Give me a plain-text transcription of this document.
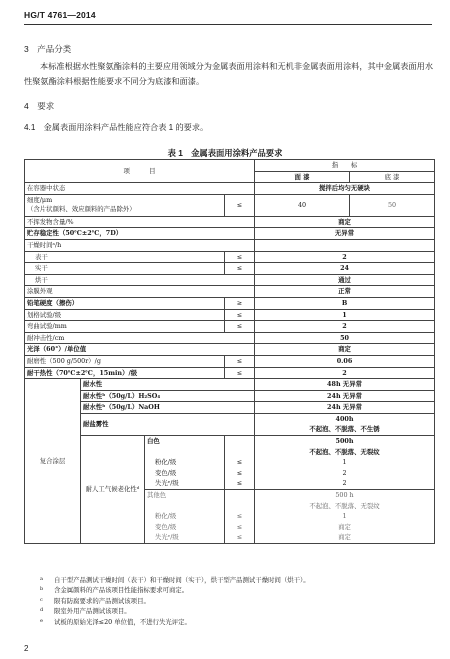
HG/T 4761—2014
3　产品分类
本标准根据水性聚氨酯涂料的主要应用领域分为金属表面用涂料和无机非金属表面用涂料，其中金属表面用水性聚氨酯涂料根据性能要求不同分为底漆和面漆。
4　要求
4.1　金属表面用涂料产品性能应符合表 1 的要求。
表 1　金属表面用涂料产品要求
项　　　目				指　　标	
				面 漆	底 漆
在容器中状态				搅拌后均匀无硬块	
细度/μm
（含片状颜料、效应颜料的产品除外）			≤	40	50
不挥发物含量/%				商定	
贮存稳定性（50℃±2℃，7D）				无异常	
干燥时间ᵃ/h					
表干			≤	2	
实干			≤	24	
烘干				通过	
涂膜外观				正常	
铅笔硬度（擦伤）			≥	B	
划格试验/级			≤	1	
弯曲试验/mm			≤	2	
耐冲击性/cm				50	
光泽（60°）/单位值				商定	
耐磨性（500 g/500r）/g			≤	0.06	
耐干热性（70℃±2℃，15min）/级			≤	2	
复合涂层	耐水性			48h 无异常	
	耐水性ᵇ（50g/L）H₂SO₄			24h 无异常	
	耐水性ᵇ（50g/L）NaOH			24h 无异常	
	耐盐雾性			400h	
				不起泡、不脱落、不生锈	
	耐人工气候老化性ᵈ	白色		500h	
				不起泡、不脱落、无裂纹	
		粉化/级	≤	1	
		变色/级	≤	2	
		失光ᵉ/级	≤	2	
		其他色		500 h	
				不起泡、不脱落、无裂纹	
		粉化/级	≤	1	
		变色/级	≤	商定	
		失光ᵉ/级	≤	商定	
a 自干型产品测试干燥时间（表干）和干燥时间（实干），烘干型产品测试干燥时间（烘干）。
b 含金属颜料的产品该项目性能指标要求可商定。
c 限有防腐要求的产品测试该项目。
d 限室外用产品测试该项目。
e 试板的原始光泽≤20 单位值，不进行失光评定。
2
